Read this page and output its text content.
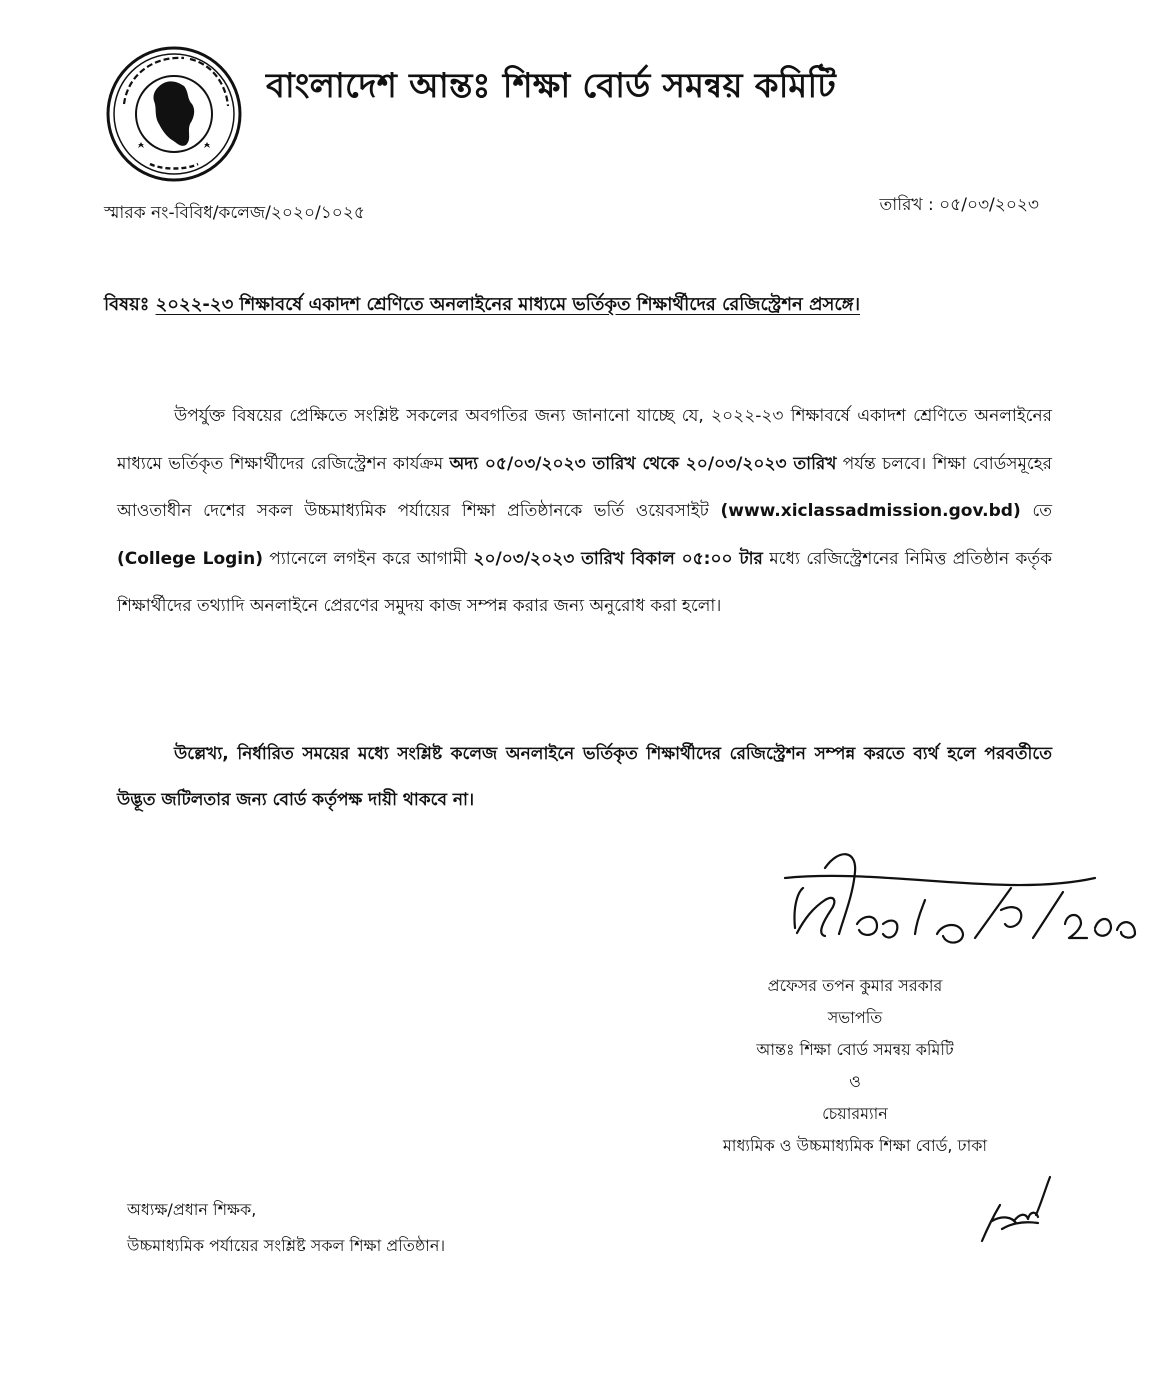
বাংলাদেশ আন্তঃ শিক্ষা বোর্ড সমন্বয় কমিটি
স্মারক নং-বিবিধ/কলেজ/২০২০/১০২৫	তারিখ : ০৫/০৩/২০২৩
বিষয়ঃ ২০২২-২৩ শিক্ষাবর্ষে একাদশ শ্রেণিতে অনলাইনের মাধ্যমে ভর্তিকৃত শিক্ষার্থীদের রেজিস্ট্রেশন প্রসঙ্গে।
উপর্যুক্ত বিষয়ের প্রেক্ষিতে সংশ্লিষ্ট সকলের অবগতির জন্য জানানো যাচ্ছে যে, ২০২২-২৩ শিক্ষাবর্ষে একাদশ শ্রেণিতে অনলাইনের মাধ্যমে ভর্তিকৃত শিক্ষার্থীদের রেজিস্ট্রেশন কার্যক্রম অদ্য ০৫/০৩/২০২৩ তারিখ থেকে ২০/০৩/২০২৩ তারিখ পর্যন্ত চলবে। শিক্ষা বোর্ডসমূহের আওতাধীন দেশের সকল উচ্চমাধ্যমিক পর্যায়ের শিক্ষা প্রতিষ্ঠানকে ভর্তি ওয়েবসাইট (www.xiclassadmission.gov.bd) তে (College Login) প্যানেলে লগইন করে আগামী ২০/০৩/২০২৩ তারিখ বিকাল ০৫:০০ টার মধ্যে রেজিস্ট্রেশনের নিমিত্ত প্রতিষ্ঠান কর্তৃক শিক্ষার্থীদের তথ্যাদি অনলাইনে প্রেরণের সমুদয় কাজ সম্পন্ন করার জন্য অনুরোধ করা হলো।
উল্লেখ্য, নির্ধারিত সময়ের মধ্যে সংশ্লিষ্ট কলেজ অনলাইনে ভর্তিকৃত শিক্ষার্থীদের রেজিস্ট্রেশন সম্পন্ন করতে ব্যর্থ হলে পরবর্তীতে উদ্ভূত জটিলতার জন্য বোর্ড কর্তৃপক্ষ দায়ী থাকবে না।
প্রফেসর তপন কুমার সরকার
সভাপতি
আন্তঃ শিক্ষা বোর্ড সমন্বয় কমিটি
ও
চেয়ারম্যান
মাধ্যমিক ও উচ্চমাধ্যমিক শিক্ষা বোর্ড, ঢাকা
অধ্যক্ষ/প্রধান শিক্ষক,
উচ্চমাধ্যমিক পর্যায়ের সংশ্লিষ্ট সকল শিক্ষা প্রতিষ্ঠান।
